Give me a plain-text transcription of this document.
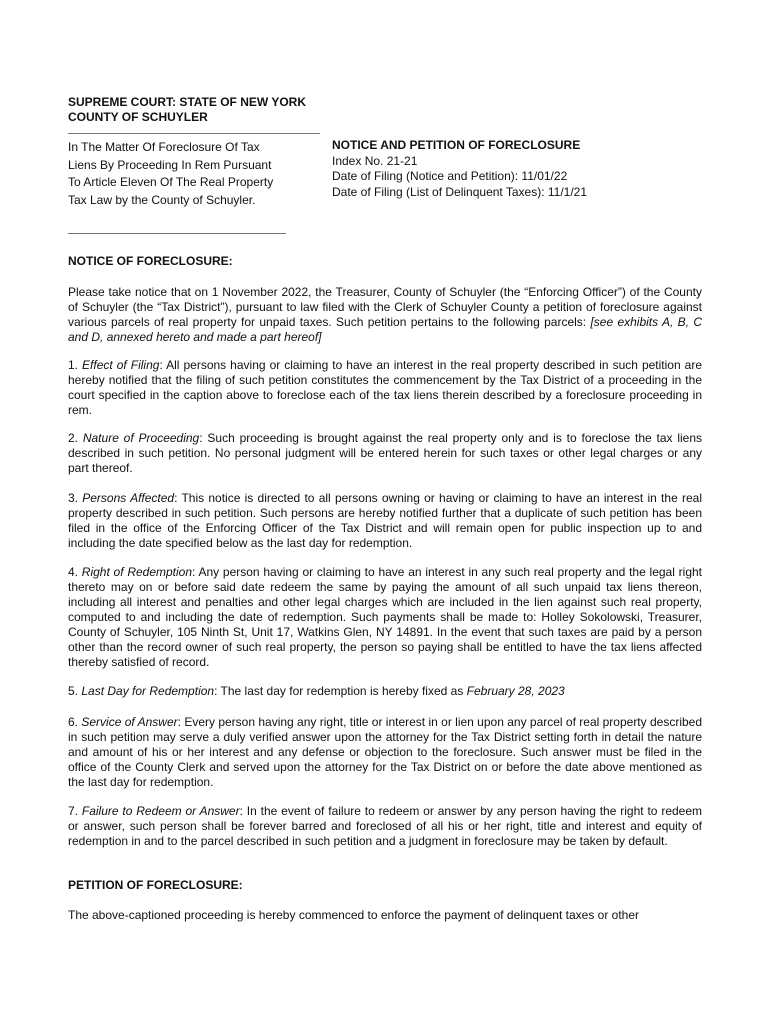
SUPREME COURT: STATE OF NEW YORK
COUNTY OF SCHUYLER
In The Matter Of Foreclosure Of Tax
Liens By Proceeding In Rem Pursuant
To Article Eleven Of The Real Property
Tax Law by the County of Schuyler.
NOTICE AND PETITION OF FORECLOSURE
Index No. 21-21
Date of Filing (Notice and Petition): 11/01/22
Date of Filing (List of Delinquent Taxes): 11/1/21
NOTICE OF FORECLOSURE:

Please take notice that on 1 November 2022, the Treasurer, County of Schuyler (the “Enforcing Officer”) of the County of Schuyler (the “Tax District”), pursuant to law filed with the Clerk of Schuyler County a petition of foreclosure against various parcels of real property for unpaid taxes. Such petition pertains to the following parcels: [see exhibits A, B, C and D, annexed hereto and made a part hereof]

1. Effect of Filing: All persons having or claiming to have an interest in the real property described in such petition are hereby notified that the filing of such petition constitutes the commencement by the Tax District of a proceeding in the court specified in the caption above to foreclose each of the tax liens therein described by a foreclosure proceeding in rem.

2. Nature of Proceeding: Such proceeding is brought against the real property only and is to foreclose the tax liens described in such petition. No personal judgment will be entered herein for such taxes or other legal charges or any part thereof.

3. Persons Affected: This notice is directed to all persons owning or having or claiming to have an interest in the real property described in such petition. Such persons are hereby notified further that a duplicate of such petition has been filed in the office of the Enforcing Officer of the Tax District and will remain open for public inspection up to and including the date specified below as the last day for redemption.

4. Right of Redemption: Any person having or claiming to have an interest in any such real property and the legal right thereto may on or before said date redeem the same by paying the amount of all such unpaid tax liens thereon, including all interest and penalties and other legal charges which are included in the lien against such real property, computed to and including the date of redemption. Such payments shall be made to: Holley Sokolowski, Treasurer, County of Schuyler, 105 Ninth St, Unit 17, Watkins Glen, NY 14891. In the event that such taxes are paid by a person other than the record owner of such real property, the person so paying shall be entitled to have the tax liens affected thereby satisfied of record.

5. Last Day for Redemption: The last day for redemption is hereby fixed as February 28, 2023

6. Service of Answer: Every person having any right, title or interest in or lien upon any parcel of real property described in such petition may serve a duly verified answer upon the attorney for the Tax District setting forth in detail the nature and amount of his or her interest and any defense or objection to the foreclosure. Such answer must be filed in the office of the County Clerk and served upon the attorney for the Tax District on or before the date above mentioned as the last day for redemption.

7. Failure to Redeem or Answer: In the event of failure to redeem or answer by any person having the right to redeem or answer, such person shall be forever barred and foreclosed of all his or her right, title and interest and equity of redemption in and to the parcel described in such petition and a judgment in foreclosure may be taken by default.

PETITION OF FORECLOSURE:

The above-captioned proceeding is hereby commenced to enforce the payment of delinquent taxes or other
